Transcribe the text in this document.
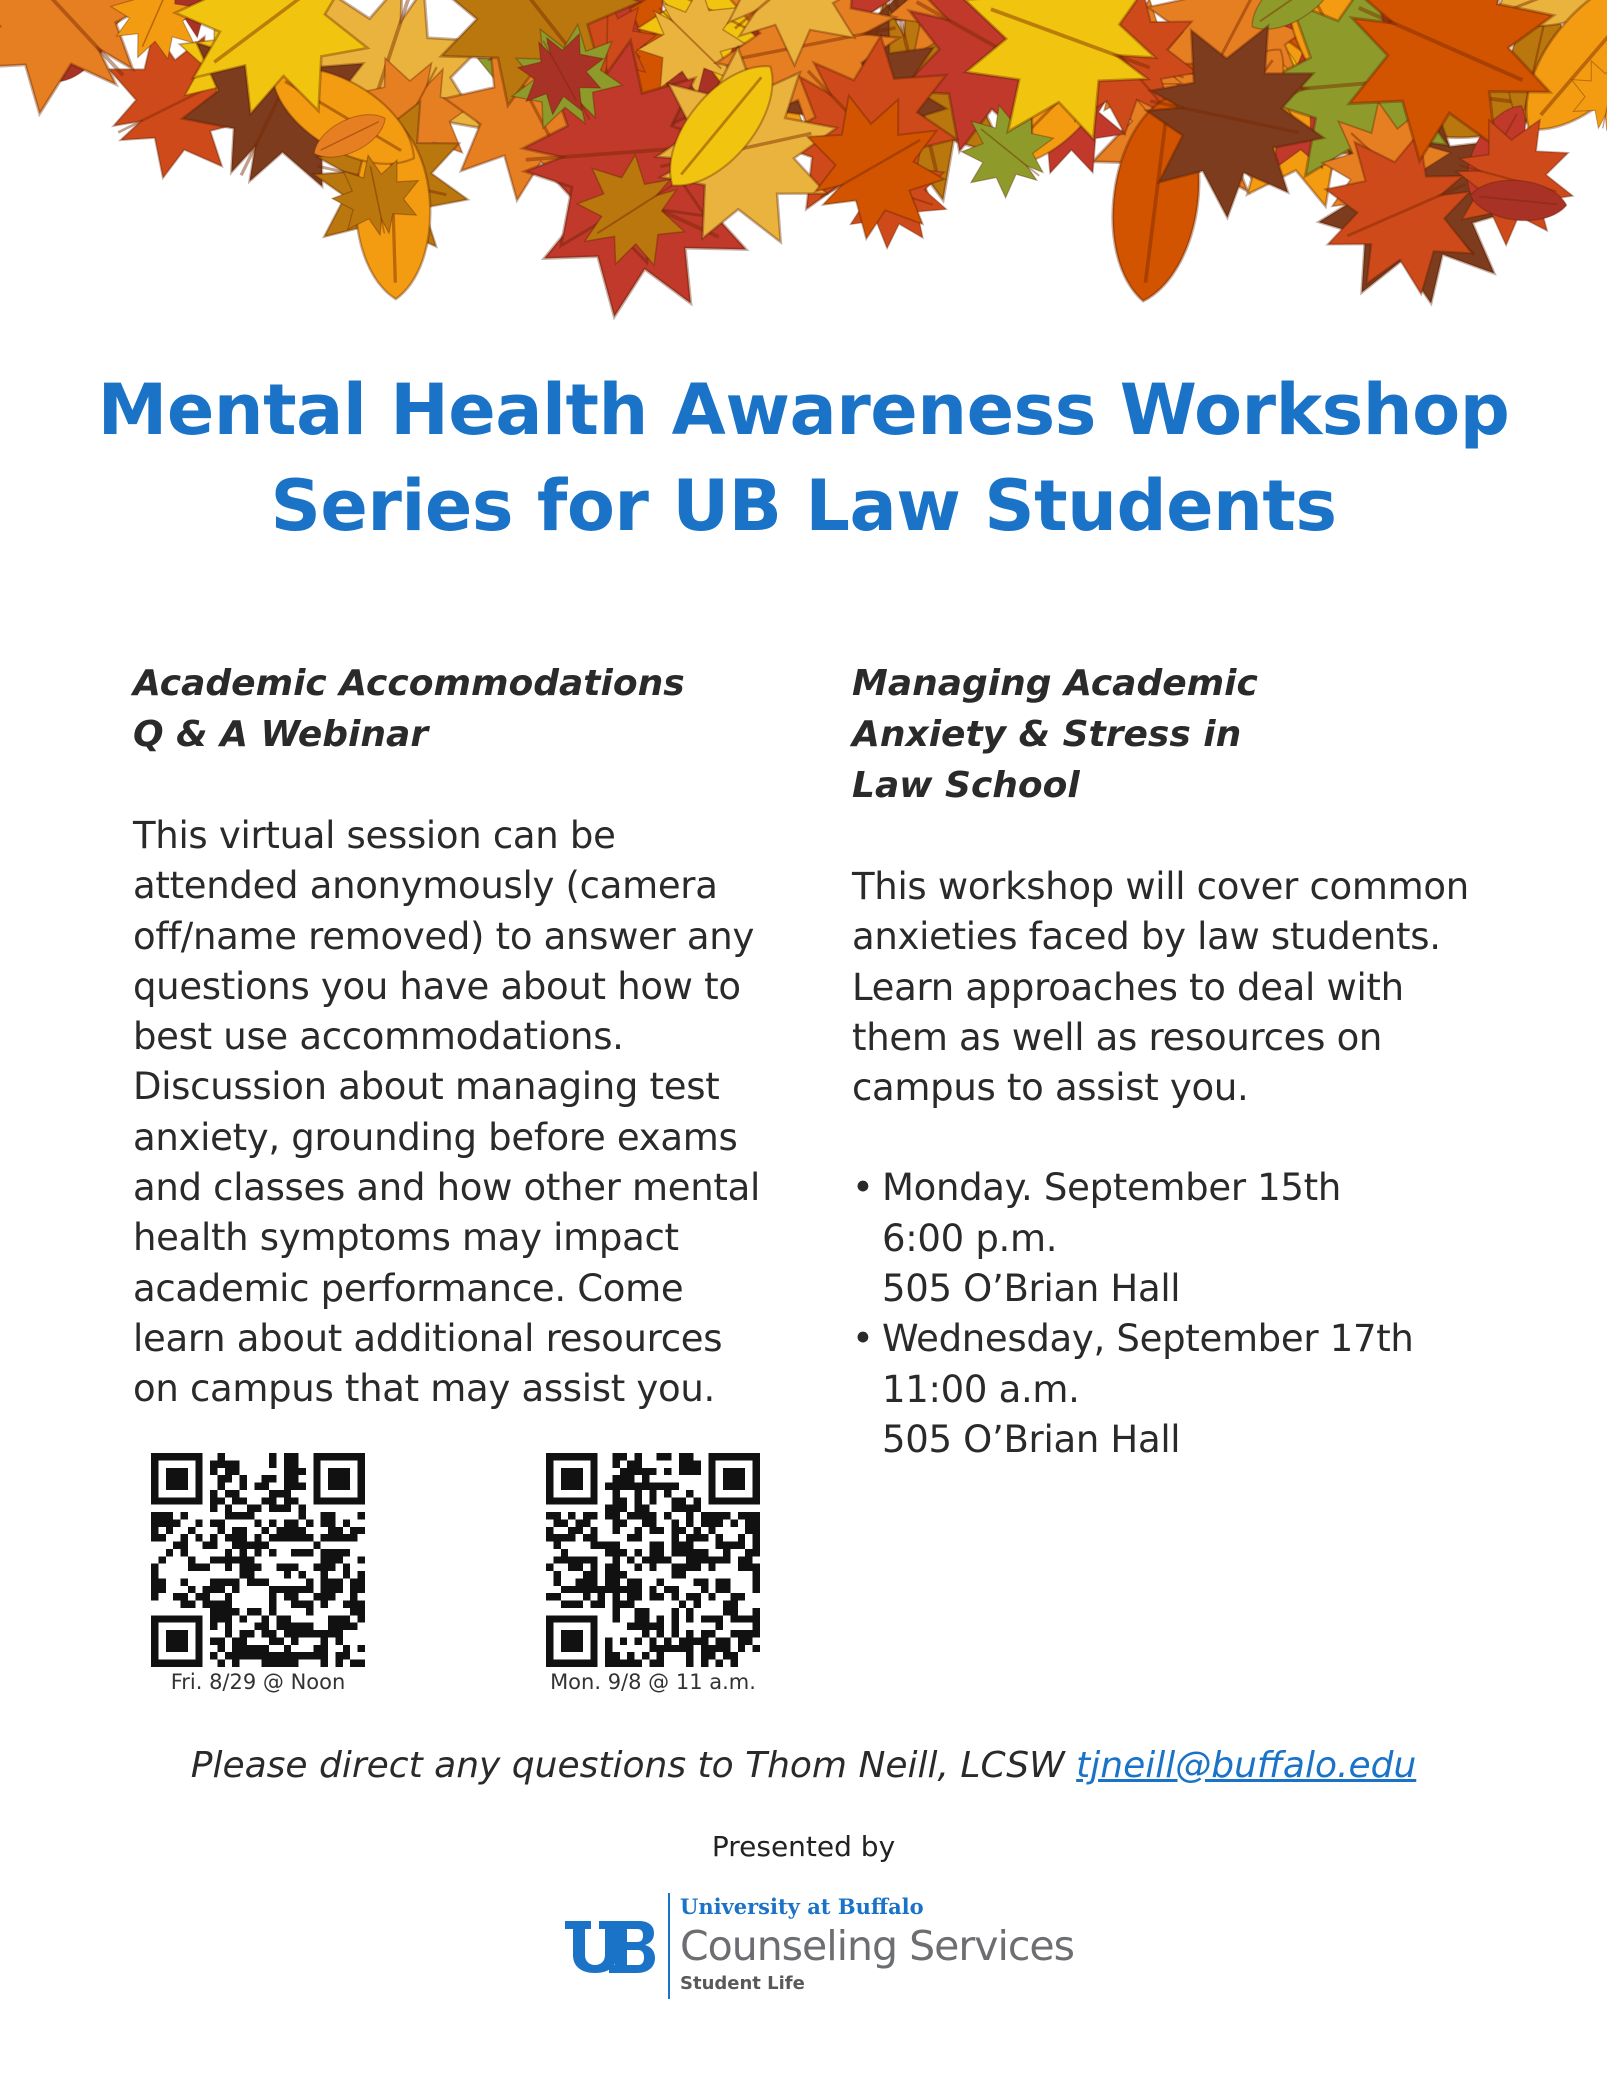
Mental Health Awareness Workshop
Series for UB Law Students
Academic Accommodations
Q & A Webinar
This virtual session can be
attended anonymously (camera
off/name removed) to answer any
questions you have about how to
best use accommodations.
Discussion about managing test
anxiety, grounding before exams
and classes and how other mental
health symptoms may impact
academic performance. Come
learn about additional resources
on campus that may assist you.
Fri. 8/29 @ Noon	Mon. 9/8 @ 11 a.m.
Managing Academic
Anxiety & Stress in
Law School
This workshop will cover common
anxieties faced by law students.
Learn approaches to deal with
them as well as resources on
campus to assist you.
• Monday. September 15th
6:00 p.m.
505 O’Brian Hall
• Wednesday, September 17th
11:00 a.m.
505 O’Brian Hall
Please direct any questions to Thom Neill, LCSW tjneill@buffalo.edu
Presented by
University at Buffalo
Counseling Services
Student Life
